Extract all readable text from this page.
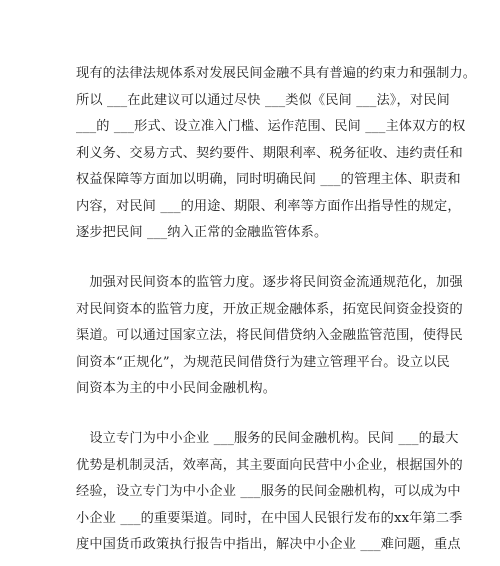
现有的法律法规体系对发展民间金融不具有普遍的约束力和强制力。
所以 ___在此建议可以通过尽快 ___类似《民间 ___法》，对民间
___的 ___形式、设立准入门槛、运作范围、民间 ___主体双方的权
利义务、交易方式、契约要件、期限利率、税务征收、违约责任和
权益保障等方面加以明确，同时明确民间 ___的管理主体、职责和
内容，对民间 ___的用途、期限、利率等方面作出指导性的规定，
逐步把民间 ___纳入正常的金融监管体系。
　加强对民间资本的监管力度。逐步将民间资金流通规范化，加强
对民间资本的监管力度，开放正规金融体系，拓宽民间资金投资的
渠道。可以通过国家立法，将民间借贷纳入金融监管范围，使得民
间资本“正规化”，为规范民间借贷行为建立管理平台。设立以民
间资本为主的中小民间金融机构。
　设立专门为中小企业 ___服务的民间金融机构。民间 ___的最大
优势是机制灵活，效率高，其主要面向民营中小企业，根据国外的
经验，设立专门为中小企业 ___服务的民间金融机构，可以成为中
小企业 ___的重要渠道。同时，在中国人民银行发布的xx年第二季
度中国货币政策执行报告中指出，解决中小企业 ___难问题，重点
